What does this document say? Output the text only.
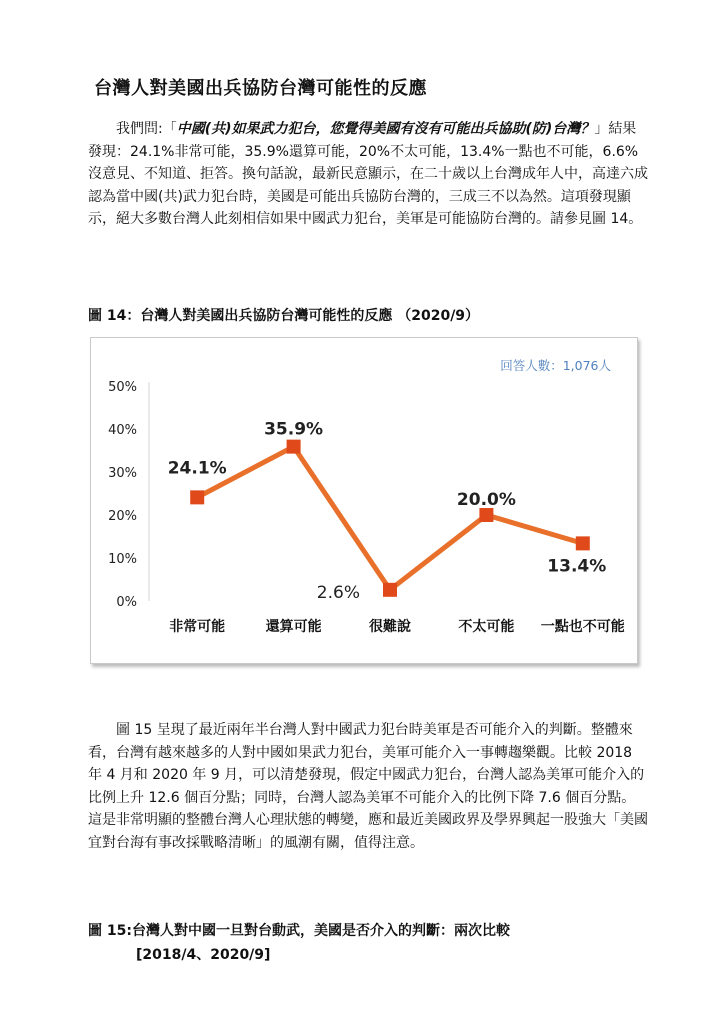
台灣人對美國出兵協防台灣可能性的反應
我們問:「中國(共)如果武力犯台，您覺得美國有沒有可能出兵協助(防)台灣？」結果發現：24.1%非常可能，35.9%還算可能，20%不太可能，13.4%一點也不可能，6.6%沒意見、不知道、拒答。換句話說，最新民意顯示，在二十歲以上台灣成年人中，高達六成認為當中國(共)武力犯台時，美國是可能出兵協防台灣的，三成三不以為然。這項發現顯示，絕大多數台灣人此刻相信如果中國武力犯台，美軍是可能協防台灣的。請參見圖 14。
圖 14：台灣人對美國出兵協防台灣可能性的反應 （2020/9）
0%
10%
20%
30%
40%
50%
非常可能	還算可能	很難說	不太可能 一點也不可能
24.1%
35.9%
2.6%
20.0%
13.4%
回答人數：1,076人
圖 15 呈現了最近兩年半台灣人對中國武力犯台時美軍是否可能介入的判斷。整體來看，台灣有越來越多的人對中國如果武力犯台，美軍可能介入一事轉趨樂觀。比較 2018 年 4 月和 2020 年 9 月，可以清楚發現，假定中國武力犯台，台灣人認為美軍可能介入的比例上升 12.6 個百分點；同時，台灣人認為美軍不可能介入的比例下降 7.6 個百分點。這是非常明顯的整體台灣人心理狀態的轉變，應和最近美國政界及學界興起一股強大「美國宜對台海有事改採戰略清晰」的風潮有關，值得注意。
圖 15:台灣人對中國一旦對台動武，美國是否介入的判斷：兩次比較
[2018/4、2020/9]
